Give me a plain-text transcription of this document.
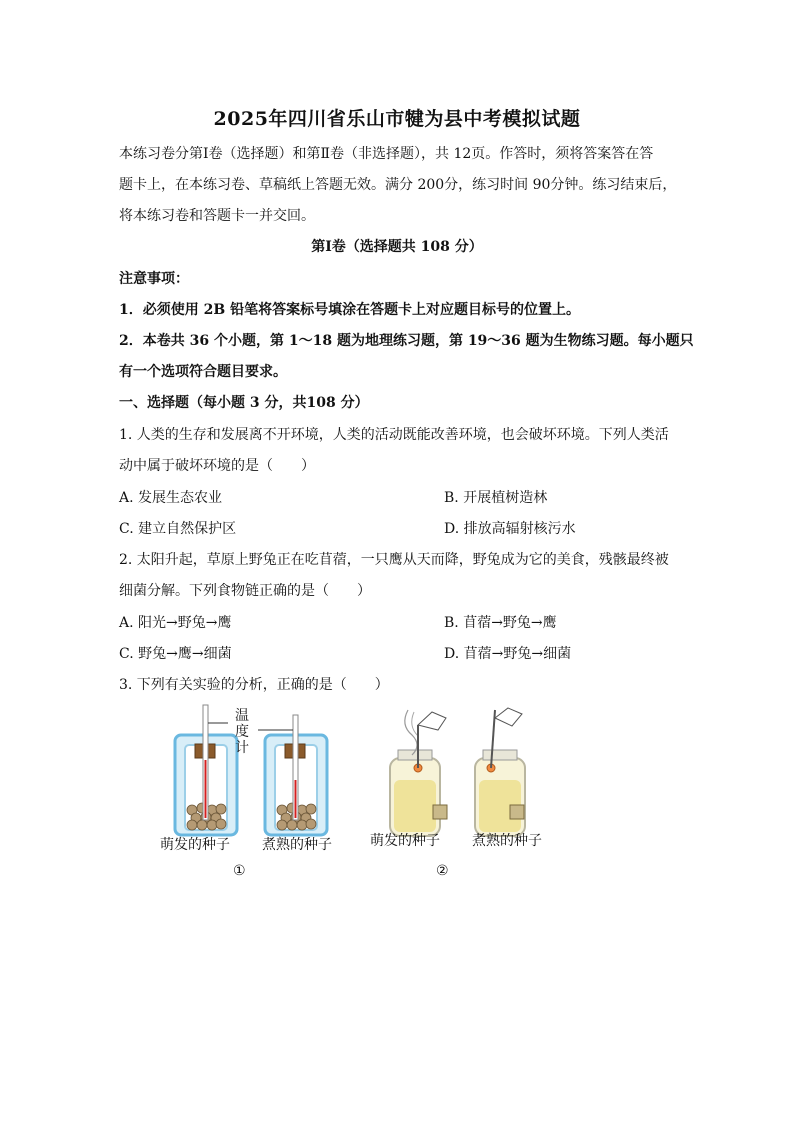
2025年四川省乐山市犍为县中考模拟试题
本练习卷分第Ⅰ卷（选择题）和第Ⅱ卷（非选择题），共 12页。作答时，须将答案答在答
题卡上，在本练习卷、草稿纸上答题无效。满分 200分，练习时间 90分钟。练习结束后，
将本练习卷和答题卡一并交回。
第Ⅰ卷（选择题共 108 分）
注意事项：
1．必须使用 2B 铅笔将答案标号填涂在答题卡上对应题目标号的位置上。
2．本卷共 36 个小题，第 1～18 题为地理练习题，第 19～36 题为生物练习题。每小题只
有一个选项符合题目要求。
一、选择题（每小题 3 分，共108 分）
1. 人类的生存和发展离不开环境，人类的活动既能改善环境，也会破坏环境。下列人类活
动中属于破坏环境的是（　　）
A. 发展生态农业	B. 开展植树造林
C. 建立自然保护区	D. 排放高辐射核污水
2. 太阳升起，草原上野兔正在吃苜蓿，一只鹰从天而降，野兔成为它的美食，残骸最终被
细菌分解。下列食物链正确的是（　　）
A. 阳光→野兔→鹰	B. 苜蓿→野兔→鹰
C. 野兔→鹰→细菌	D. 苜蓿→野兔→细菌
3. 下列有关实验的分析，正确的是（　　）
温
度
计
萌发的种子 煮熟的种子	萌发的种子 煮熟的种子
①	②
